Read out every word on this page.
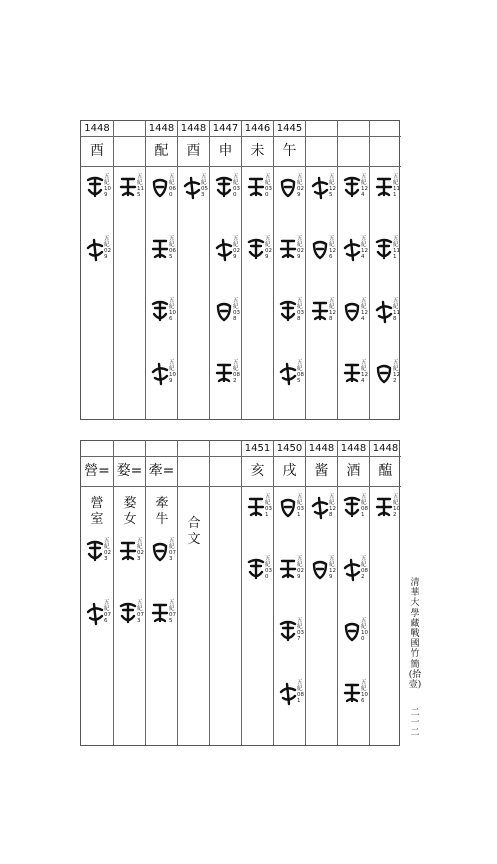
1448
酉
五紀109
五紀029
五紀115
1448
配
五紀060
五紀065
五紀106
五紀109
1448
酉
五紀053
1447
申
五紀030
五紀029
五紀038
五紀082
1446
未
五紀030
五紀029
1445
午
五紀029
五紀029
五紀038
五紀085
五紀125
五紀126
五紀128
五紀124
五紀124
五紀124
五紀124
五紀111
五紀111
五紀118
五紀122
營=
營室
五紀023
五紀076
婺=
婺女
五紀023
五紀073
牽=
牽牛
五紀073
五紀075
合文
1451
亥
五紀031
五紀030
1450
戌
五紀031
五紀029
五紀037
五紀081
1448
酱
五紀128
五紀129
1448
酒
五紀081
五紀082
五紀100
五紀106
1448
醢
五紀102
清華大學藏戰國竹簡(拾壹)
二一二
